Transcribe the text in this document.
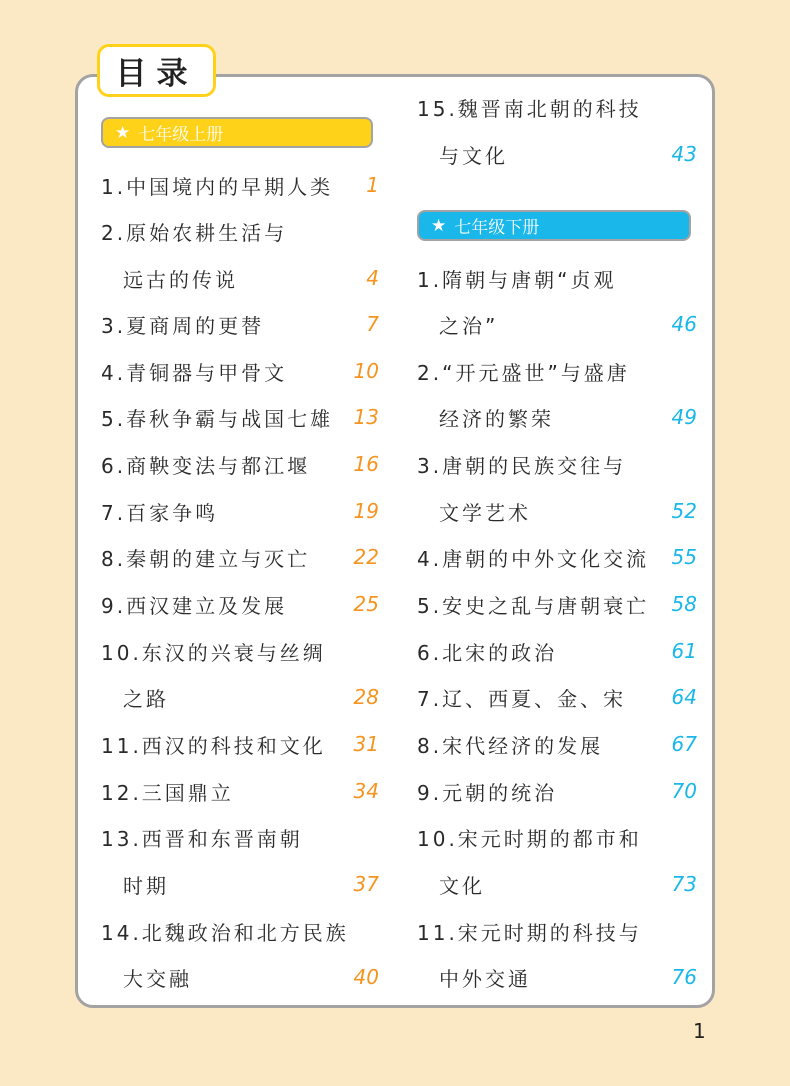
目录
★ 七年级上册
1.中国境内的早期人类 1
2.原始农耕生活与
远古的传说	4
3.夏商周的更替	7
4.青铜器与甲骨文	10
5.春秋争霸与战国七雄 13
6.商鞅变法与都江堰 16
7.百家争鸣	19
8.秦朝的建立与灭亡 22
9.西汉建立及发展	25
10.东汉的兴衰与丝绸
之路	28
11.西汉的科技和文化 31
12.三国鼎立	34
13.西晋和东晋南朝
时期	37
14.北魏政治和北方民族
大交融	40
15.魏晋南北朝的科技
与文化	43
★ 七年级下册
1.隋朝与唐朝“贞观
之治”	46
2.“开元盛世”与盛唐
经济的繁荣	49
3.唐朝的民族交往与
文学艺术	52
4.唐朝的中外文化交流 55
5.安史之乱与唐朝衰亡 58
6.北宋的政治	61
7.辽、西夏、金、宋 64
8.宋代经济的发展	67
9.元朝的统治	70
10.宋元时期的都市和
文化	73
11.宋元时期的科技与
中外交通	76
1
